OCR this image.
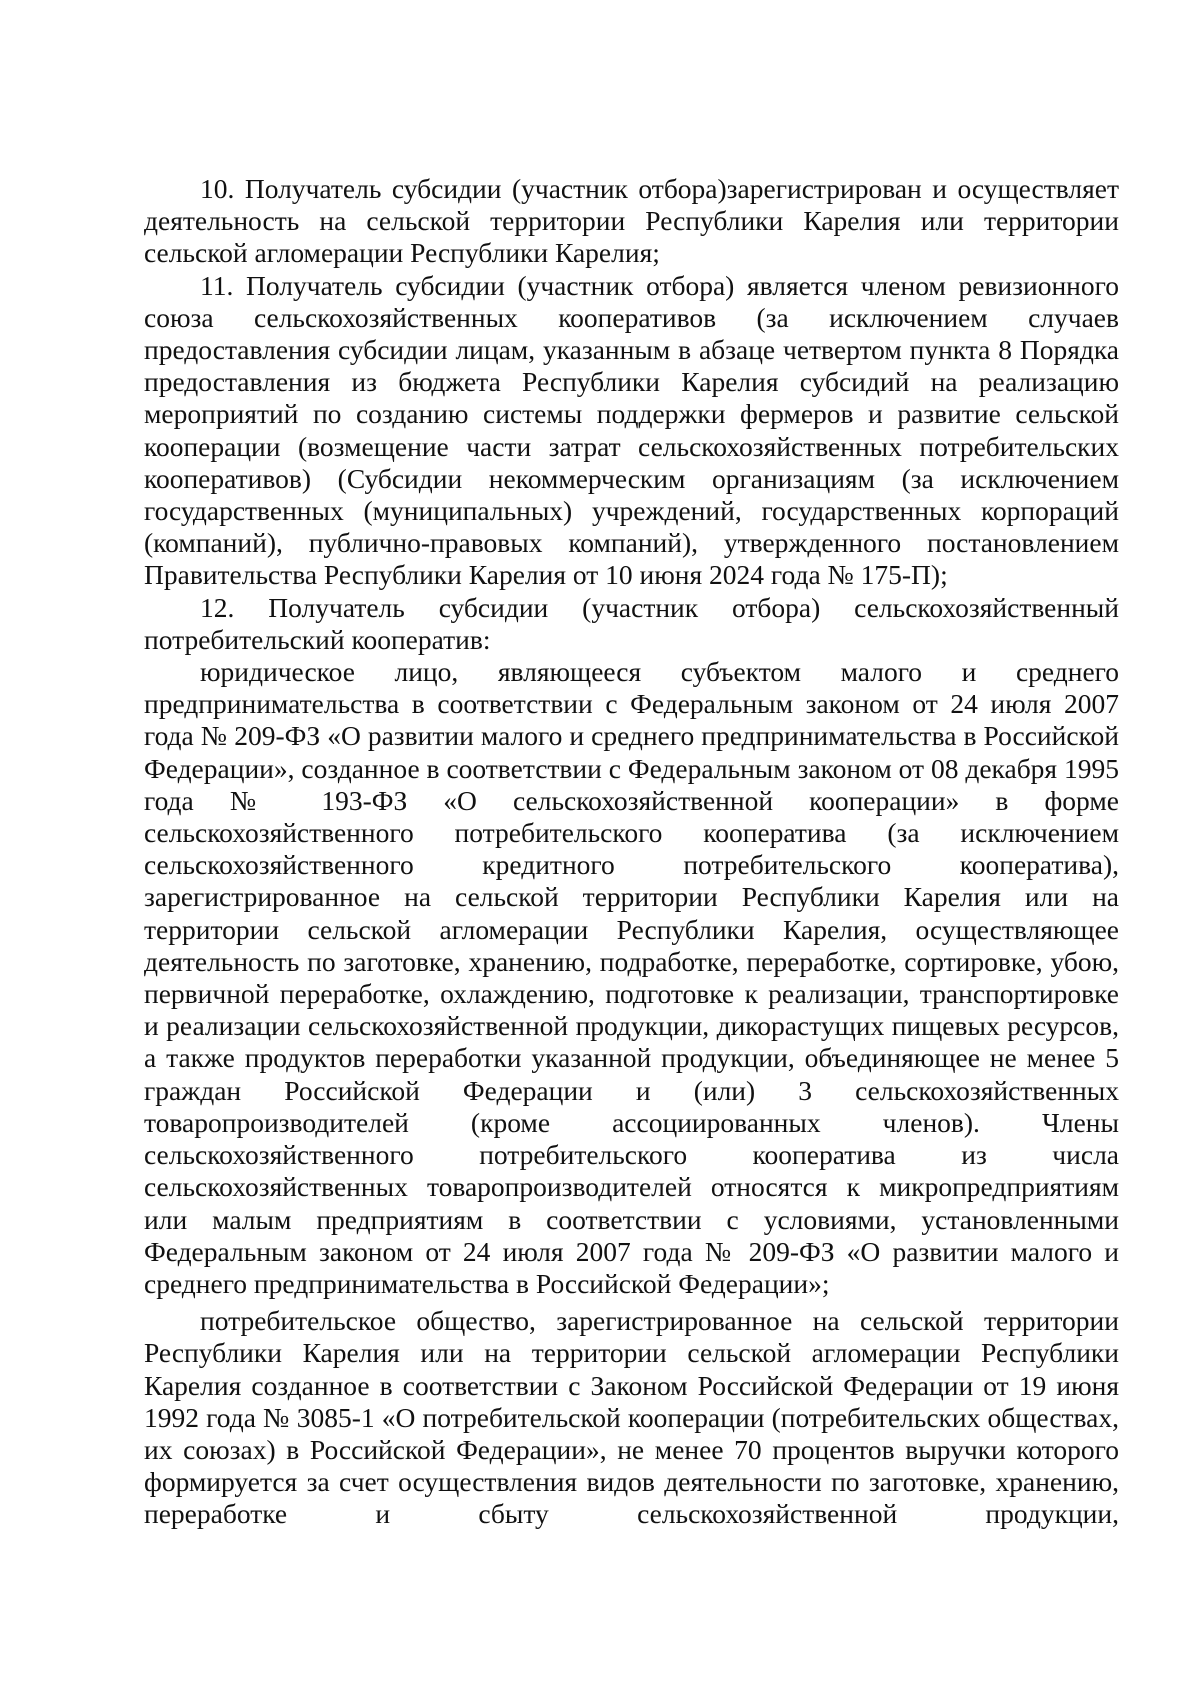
10. Получатель субсидии (участник отбора)зарегистрирован и осуществляет деятельность на сельской территории Республики Карелия или территории сельской агломерации Республики Карелия;

11. Получатель субсидии (участник отбора) является членом ревизионного союза сельскохозяйственных кооперативов (за исключением случаев предоставления субсидии лицам, указанным в абзаце четвертом пункта 8 Порядка предоставления из бюджета Республики Карелия субсидий на реализацию мероприятий по созданию системы поддержки фермеров и развитие сельской кооперации (возмещение части затрат сельскохозяйственных потребительских кооперативов) (Субсидии некоммерческим организациям (за исключением государственных (муниципальных) учреждений, государственных корпораций (компаний), публично-правовых компаний), утвержденного постановлением Правительства Республики Карелия от 10 июня 2024 года № 175-П);

12. Получатель субсидии (участник отбора) сельскохозяйственный потребительский кооператив:

юридическое лицо, являющееся субъектом малого и среднего предпринимательства в соответствии с Федеральным законом от 24 июля 2007 года № 209-ФЗ «О развитии малого и среднего предпринимательства в Российской Федерации», созданное в соответствии с Федеральным законом от 08 декабря 1995 года № 193-ФЗ «О сельскохозяйственной кооперации» в форме сельскохозяйственного потребительского кооператива (за исключением сельскохозяйственного кредитного потребительского кооператива), зарегистрированное на сельской территории Республики Карелия или на территории сельской агломерации Республики Карелия, осуществляющее деятельность по заготовке, хранению, подработке, переработке, сортировке, убою, первичной переработке, охлаждению, подготовке к реализации, транспортировке и реализации сельскохозяйственной продукции, дикорастущих пищевых ресурсов, а также продуктов переработки указанной продукции, объединяющее не менее 5 граждан Российской Федерации и (или) 3 сельскохозяйственных товаропроизводителей (кроме ассоциированных членов). Члены сельскохозяйственного потребительского кооператива из числа сельскохозяйственных товаропроизводителей относятся к микропредприятиям или малым предприятиям в соответствии с условиями, установленными Федеральным законом от 24 июля 2007 года № 209-ФЗ «О развитии малого и среднего предпринимательства в Российской Федерации»;

потребительское общество, зарегистрированное на сельской территории Республики Карелия или на территории сельской агломерации Республики Карелия созданное в соответствии с Законом Российской Федерации от 19 июня 1992 года № 3085-1 «О потребительской кооперации (потребительских обществах, их союзах) в Российской Федерации», не менее 70 процентов выручки которого формируется за счет осуществления видов деятельности по заготовке, хранению, переработке и сбыту сельскохозяйственной продукции,
